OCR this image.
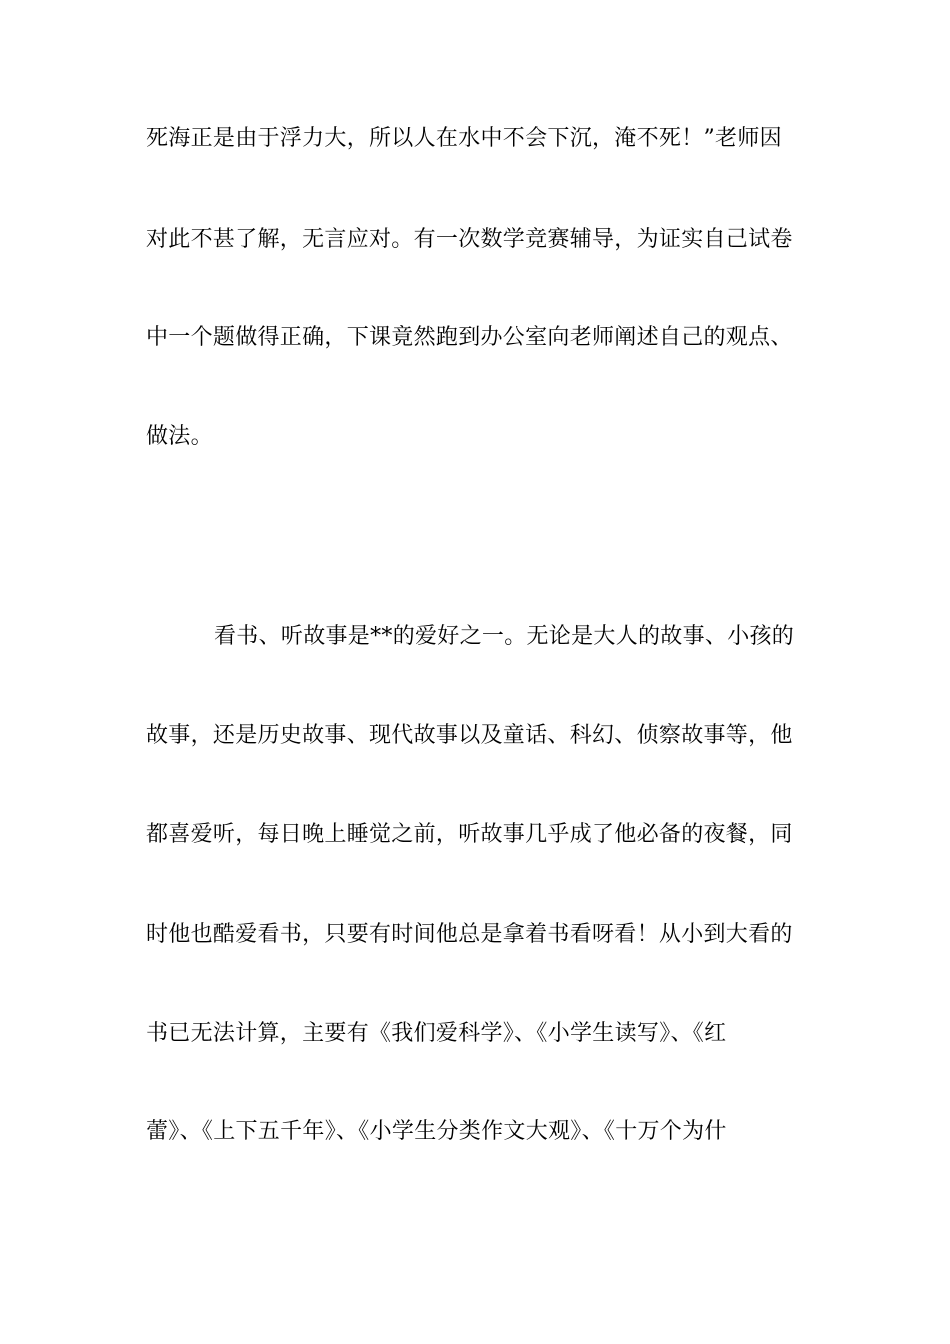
死海正是由于浮力大，所以人在水中不会下沉，淹不死！”老师因
对此不甚了解，无言应对。有一次数学竞赛辅导，为证实自己试卷
中一个题做得正确，下课竟然跑到办公室向老师阐述自己的观点、
做法。
看书、听故事是**的爱好之一。无论是大人的故事、小孩的
故事，还是历史故事、现代故事以及童话、科幻、侦察故事等，他
都喜爱听，每日晚上睡觉之前，听故事几乎成了他必备的夜餐，同
时他也酷爱看书，只要有时间他总是拿着书看呀看！从小到大看的
书已无法计算，主要有《我们爱科学》、《小学生读写》、《红
蕾》、《上下五千年》、《小学生分类作文大观》、《十万个为什
